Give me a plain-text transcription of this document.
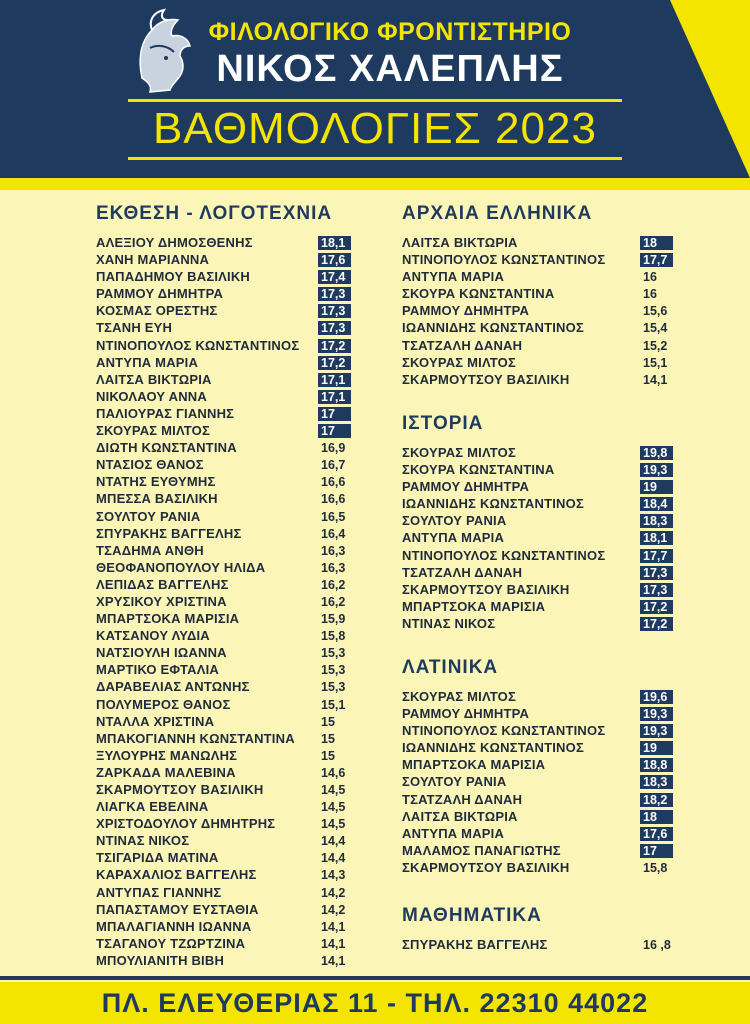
ΦΙΛΟΛΟΓΙΚΟ ΦΡΟΝΤΙΣΤΗΡΙΟ
ΝΙΚΟΣ ΧΑΛΕΠΛΗΣ
ΒΑΘΜΟΛΟΓΙΕΣ 2023
ΕΚΘΕΣΗ - ΛΟΓΟΤΕΧΝΙΑ
ΑΛΕΞΙΟΥ ΔΗΜΟΣΘΕΝΗΣ	18,1
ΧΑΝΗ ΜΑΡΙΑΝΝΑ	17,6
ΠΑΠΑΔΗΜΟΥ ΒΑΣΙΛΙΚΗ	17,4
ΡΑΜΜΟΥ ΔΗΜΗΤΡΑ	17,3
ΚΟΣΜΑΣ ΟΡΕΣΤΗΣ	17,3
ΤΣΑΝΗ ΕΥΗ	17,3
ΝΤΙΝΟΠΟΥΛΟΣ ΚΩΝΣΤΑΝΤΙΝΟΣ 17,2
ΑΝΤΥΠΑ ΜΑΡΙΑ	17,2
ΛΑΙΤΣΑ ΒΙΚΤΩΡΙΑ	17,1
ΝΙΚΟΛΑΟΥ ΑΝΝΑ	17,1
ΠΑΛΙΟΥΡΑΣ ΓΙΑΝΝΗΣ	17
ΣΚΟΥΡΑΣ ΜΙΛΤΟΣ	17
ΔΙΩΤΗ ΚΩΝΣΤΑΝΤΙΝΑ	16,9
ΝΤΑΣΙΟΣ ΘΑΝΟΣ	16,7
ΝΤΑΤΗΣ ΕΥΘΥΜΗΣ	16,6
ΜΠΕΣΣΑ ΒΑΣΙΛΙΚΗ	16,6
ΣΟΥΛΤΟΥ ΡΑΝΙΑ	16,5
ΣΠΥΡΑΚΗΣ ΒΑΓΓΕΛΗΣ	16,4
ΤΣΑΔΗΜΑ ΑΝΘΗ	16,3
ΘΕΟΦΑΝΟΠΟΥΛΟΥ ΗΛΙΔΑ	16,3
ΛΕΠΙΔΑΣ ΒΑΓΓΕΛΗΣ	16,2
ΧΡΥΣΙΚΟΥ ΧΡΙΣΤΙΝΑ	16,2
ΜΠΑΡΤΣΟΚΑ ΜΑΡΙΣΙΑ	15,9
ΚΑΤΣΑΝΟΥ ΛΥΔΙΑ	15,8
ΝΑΤΣΙΟΥΛΗ ΙΩΑΝΝΑ	15,3
ΜΑΡΤΙΚΟ ΕΦΤΑΛΙΑ	15,3
ΔΑΡΑΒΕΛΙΑΣ ΑΝΤΩΝΗΣ	15,3
ΠΟΛΥΜΕΡΟΣ ΘΑΝΟΣ	15,1
ΝΤΑΛΛΑ ΧΡΙΣΤΙΝΑ	15
ΜΠΑΚΟΓΙΑΝΝΗ ΚΩΝΣΤΑΝΤΙΝΑ 15
ΞΥΛΟΥΡΗΣ ΜΑΝΩΛΗΣ	15
ΖΑΡΚΑΔΑ ΜΑΛΕΒΙΝΑ	14,6
ΣΚΑΡΜΟΥΤΣΟΥ ΒΑΣΙΛΙΚΗ	14,5
ΛΙΑΓΚΑ ΕΒΕΛΙΝΑ	14,5
ΧΡΙΣΤΟΔΟΥΛΟΥ ΔΗΜΗΤΡΗΣ	14,5
ΝΤΙΝΑΣ ΝΙΚΟΣ	14,4
ΤΣΙΓΑΡΙΔΑ ΜΑΤΙΝΑ	14,4
ΚΑΡΑΧΑΛΙΟΣ ΒΑΓΓΕΛΗΣ	14,3
ΑΝΤΥΠΑΣ ΓΙΑΝΝΗΣ	14,2
ΠΑΠΑΣΤΑΜΟΥ ΕΥΣΤΑΘΙΑ	14,2
ΜΠΑΛΑΓΙΑΝΝΗ ΙΩΑΝΝΑ	14,1
ΤΣΑΓΑΝΟΥ ΤΖΩΡΤΖΙΝΑ	14,1
ΜΠΟΥΛΙΑΝΙΤΗ ΒΙΒΗ	14,1
ΑΡΧΑΙΑ ΕΛΛΗΝΙΚΑ
ΛΑΙΤΣΑ ΒΙΚΤΩΡΙΑ	18
ΝΤΙΝΟΠΟΥΛΟΣ ΚΩΝΣΤΑΝΤΙΝΟΣ	17,7
ΑΝΤΥΠΑ ΜΑΡΙΑ	16
ΣΚΟΥΡΑ ΚΩΝΣΤΑΝΤΙΝΑ	16
ΡΑΜΜΟΥ ΔΗΜΗΤΡΑ	15,6
ΙΩΑΝΝΙΔΗΣ ΚΩΝΣΤΑΝΤΙΝΟΣ	15,4
ΤΣΑΤΖΑΛΗ ΔΑΝΑΗ	15,2
ΣΚΟΥΡΑΣ ΜΙΛΤΟΣ	15,1
ΣΚΑΡΜΟΥΤΣΟΥ ΒΑΣΙΛΙΚΗ	14,1
ΙΣΤΟΡΙΑ
ΣΚΟΥΡΑΣ ΜΙΛΤΟΣ	19,8
ΣΚΟΥΡΑ ΚΩΝΣΤΑΝΤΙΝΑ	19,3
ΡΑΜΜΟΥ ΔΗΜΗΤΡΑ	19
ΙΩΑΝΝΙΔΗΣ ΚΩΝΣΤΑΝΤΙΝΟΣ	18,4
ΣΟΥΛΤΟΥ ΡΑΝΙΑ	18,3
ΑΝΤΥΠΑ ΜΑΡΙΑ	18,1
ΝΤΙΝΟΠΟΥΛΟΣ ΚΩΝΣΤΑΝΤΙΝΟΣ	17,7
ΤΣΑΤΖΑΛΗ ΔΑΝΑΗ	17,3
ΣΚΑΡΜΟΥΤΣΟΥ ΒΑΣΙΛΙΚΗ	17,3
ΜΠΑΡΤΣΟΚΑ ΜΑΡΙΣΙΑ	17,2
ΝΤΙΝΑΣ ΝΙΚΟΣ	17,2
ΛΑΤΙΝΙΚΑ
ΣΚΟΥΡΑΣ ΜΙΛΤΟΣ	19,6
ΡΑΜΜΟΥ ΔΗΜΗΤΡΑ	19,3
ΝΤΙΝΟΠΟΥΛΟΣ ΚΩΝΣΤΑΝΤΙΝΟΣ	19,3
ΙΩΑΝΝΙΔΗΣ ΚΩΝΣΤΑΝΤΙΝΟΣ	19
ΜΠΑΡΤΣΟΚΑ ΜΑΡΙΣΙΑ	18,8
ΣΟΥΛΤΟΥ ΡΑΝΙΑ	18,3
ΤΣΑΤΖΑΛΗ ΔΑΝΑΗ	18,2
ΛΑΙΤΣΑ ΒΙΚΤΩΡΙΑ	18
ΑΝΤΥΠΑ ΜΑΡΙΑ	17,6
ΜΑΛΑΜΟΣ ΠΑΝΑΓΙΩΤΗΣ	17
ΣΚΑΡΜΟΥΤΣΟΥ ΒΑΣΙΛΙΚΗ	15,8
ΜΑΘΗΜΑΤΙΚΑ
ΣΠΥΡΑΚΗΣ ΒΑΓΓΕΛΗΣ	16 ,8
ΠΛ. ΕΛΕΥΘΕΡΙΑΣ 11 - ΤΗΛ. 22310 44022
